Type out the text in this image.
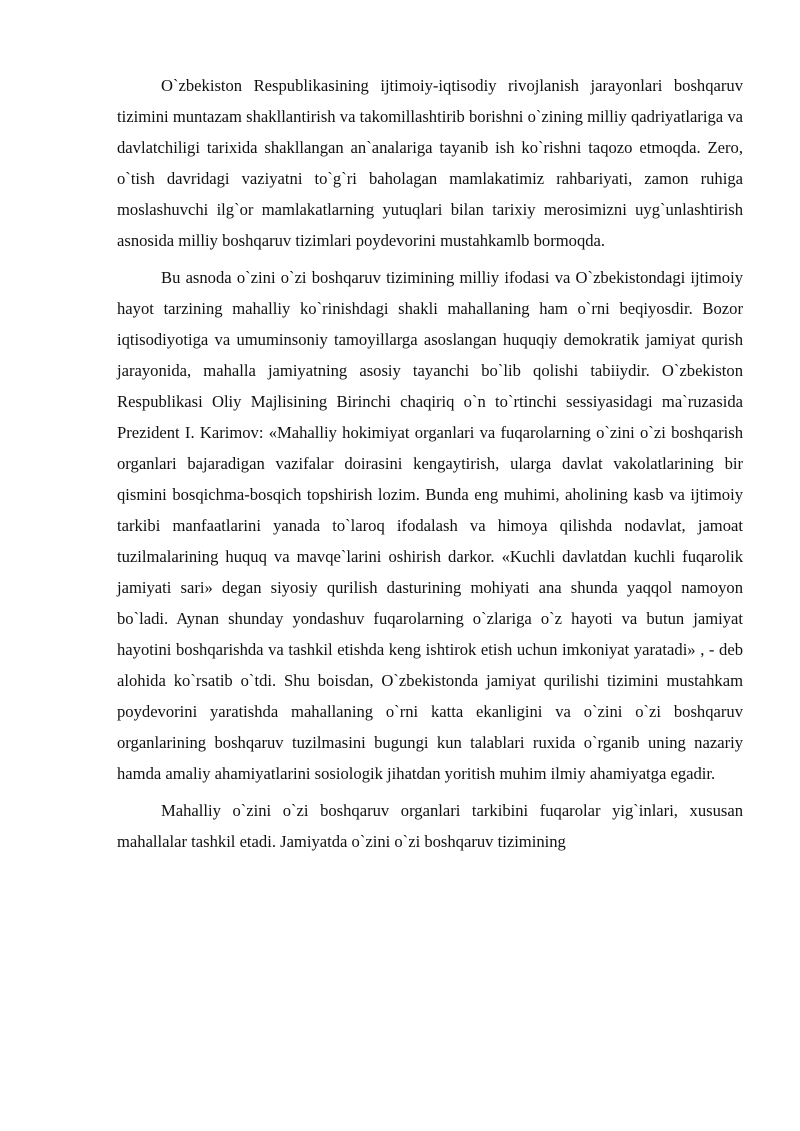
O`zbekiston Respublikasining ijtimoiy-iqtisodiy rivojlanish jarayonlari boshqaruv tizimini muntazam shakllantirish va takomillashtirib borishni o`zining milliy qadriyatlariga va davlatchiligi tarixida shakllangan an`analariga tayanib ish ko`rishni taqozo etmoqda. Zero, o`tish davridagi vaziyatni to`g`ri baholagan mamlakatimiz rahbariyati, zamon ruhiga moslashuvchi ilg`or mamlakatlarning yutuqlari bilan tarixiy merosimizni uyg`unlashtirish asnosida milliy boshqaruv tizimlari poydevorini mustahkamlb bormoqda.

Bu asnoda o`zini o`zi boshqaruv tizimining milliy ifodasi va O`zbekistondagi ijtimoiy hayot tarzining mahalliy ko`rinishdagi shakli mahallaning ham o`rni beqiyosdir. Bozor iqtisodiyotiga va umuminsoniy tamoyillarga asoslangan huquqiy demokratik jamiyat qurish jarayonida, mahalla jamiyatning asosiy tayanchi bo`lib qolishi tabiiydir. O`zbekiston Respublikasi Oliy Majlisining Birinchi chaqiriq o`n to`rtinchi sessiyasidagi ma`ruzasida Prezident I. Karimov: «Mahalliy hokimiyat organlari va fuqarolarning o`zini o`zi boshqarish organlari bajaradigan vazifalar doirasini kengaytirish, ularga davlat vakolatlarining bir qismini bosqichma-bosqich topshirish lozim. Bunda eng muhimi, aholining kasb va ijtimoiy tarkibi manfaatlarini yanada to`laroq ifodalash va himoya qilishda nodavlat, jamoat tuzilmalarining huquq va mavqe`larini oshirish darkor. «Kuchli davlatdan kuchli fuqarolik jamiyati sari» degan siyosiy qurilish dasturining mohiyati ana shunda yaqqol namoyon bo`ladi. Aynan shunday yondashuv fuqarolarning o`zlariga o`z hayoti va butun jamiyat hayotini boshqarishda va tashkil etishda keng ishtirok etish uchun imkoniyat yaratadi» , - deb alohida ko`rsatib o`tdi. Shu boisdan, O`zbekistonda jamiyat qurilishi tizimini mustahkam poydevorini yaratishda mahallaning o`rni katta ekanligini va o`zini o`zi boshqaruv organlarining boshqaruv tuzilmasini bugungi kun talablari ruxida o`rganib uning nazariy hamda amaliy ahamiyatlarini sosiologik jihatdan yoritish muhim ilmiy ahamiyatga egadir.

Mahalliy o`zini o`zi boshqaruv organlari tarkibini fuqarolar yig`inlari, xususan mahallalar tashkil etadi. Jamiyatda o`zini o`zi boshqaruv tizimining
